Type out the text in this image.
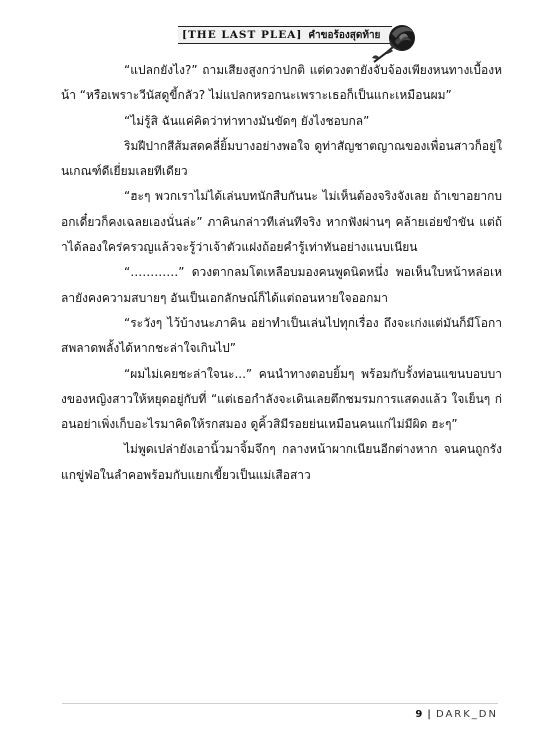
[THE LAST PLEA] คำขอร้องสุดท้าย

“แปลกยังไง?” ถามเสียงสูงกว่าปกติ แต่ดวงตายังจับจ้องเพียงหนทางเบื้องหน้า “หรือเพราะวีนัสดูขี้กลัว? ไม่แปลกหรอกนะเพราะเธอก็เป็นแกะเหมือนผม”

“ไม่รู้สิ ฉันแค่คิดว่าท่าทางมันขัดๆ ยังไงชอบกล”

ริมฝีปากสีส้มสดคลี่ยิ้มบางอย่างพอใจ ดูท่าสัญชาตญาณของเพื่อนสาวก็อยู่ในเกณฑ์ดีเยี่ยมเลยทีเดียว

“ฮะๆ พวกเราไม่ได้เล่นบทนักสืบกันนะ ไม่เห็นต้องจริงจังเลย ถ้าเขาอยากบอกเดี๋ยวก็คงเฉลยเองนั่นล่ะ” ภาคินกล่าวทีเล่นทีจริง หากฟังผ่านๆ คล้ายเอ่ยขำขัน แต่ถ้าได้ลองใคร่ครวญแล้วจะรู้ว่าเจ้าตัวแฝงถ้อยคำรู้เท่าทันอย่างแนบเนียน

“…………” ดวงตากลมโตเหลือบมองคนพูดนิดหนึ่ง พอเห็นใบหน้าหล่อเหลายังคงความสบายๆ อันเป็นเอกลักษณ์ก็ได้แต่ถอนหายใจออกมา

“ระวังๆ ไว้บ้างนะภาคิน อย่าทำเป็นเล่นไปทุกเรื่อง ถึงจะเก่งแต่มันก็มีโอกาสพลาดพลั้งได้หากชะล่าใจเกินไป”

“ผมไม่เคยชะล่าใจนะ...” คนนำทางตอบยิ้มๆ พร้อมกับรั้งท่อนแขนบอบบางของหญิงสาวให้หยุดอยู่กับที่ “แต่เธอกำลังจะเดินเลยตึกชมรมการแสดงแล้ว ใจเย็นๆ ก่อนอย่าเพิ่งเก็บอะไรมาคิดให้รกสมอง ดูคิ้วสิมีรอยย่นเหมือนคนแก่ไม่มีผิด ฮะๆ”

ไม่พูดเปล่ายังเอานิ้วมาจิ้มจึกๆ กลางหน้าผากเนียนอีกต่างหาก จนคนถูกรังแกขู่ฟ่อในลำคอพร้อมกับแยกเขี้ยวเป็นแม่เสือสาว

9 | DARK_DN
